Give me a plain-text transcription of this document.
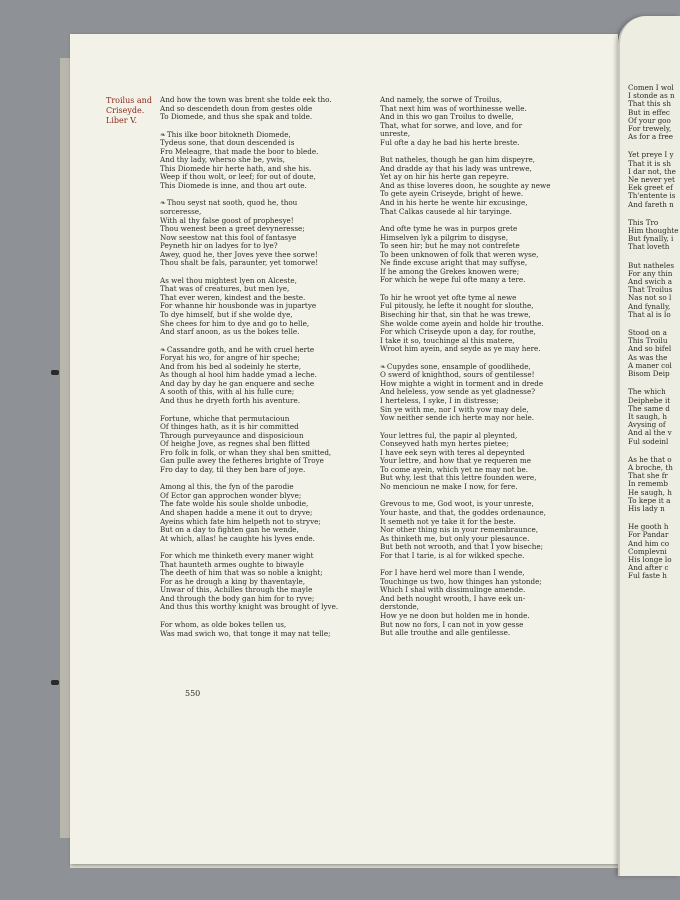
Troilus and
Criseyde.
Liber V.
And how the town was brent she tolde eek tho.
And so descendeth doun from gestes olde
To Diomede, and thus she spak and tolde.
❧This ilke boor bitokneth Diomede,
Tydeus sone, that doun descended is
Fro Meleagre, that made the boor to blede.
And thy lady, wherso she be, ywis,
This Diomede hir herte hath, and she his.
Weep if thou wolt, or leef; for out of doute,
This Diomede is inne, and thou art oute.
❧Thou seyst nat sooth, quod he, thou
sorceresse,
With al thy false goost of prophesye!
Thou wenest been a greet devyneresse;
Now seestow nat this fool of fantasye
Peyneth hir on ladyes for to lye?
Awey, quod he, ther Joves yeve thee sorwe!
Thou shalt be fals, paraunter, yet tomorwe!
As wel thou mightest lyen on Alceste,
That was of creatures, but men lye,
That ever weren, kindest and the beste.
For whanne hir housbonde was in jupartye
To dye himself, but if she wolde dye,
She chees for him to dye and go to helle,
And starf anoon, as us the bokes telle.
❧Cassandre goth, and he with cruel herte
Foryat his wo, for angre of hir speche;
And from his bed al sodeinly he sterte,
As though al hool him hadde ymad a leche.
And day by day he gan enquere and seche
A sooth of this, with al his fulle cure;
And thus he dryeth forth his aventure.
Fortune, whiche that permutacioun
Of thinges hath, as it is hir committed
Through purveyaunce and disposicioun
Of heighe Jove, as regnes shal ben flitted
Fro folk in folk, or whan they shal ben smitted,
Gan pulle awey the fetheres brighte of Troye
Fro day to day, til they ben bare of joye.
Among al this, the fyn of the parodie
Of Ector gan approchen wonder blyve;
The fate wolde his soule sholde unbodie,
And shapen hadde a mene it out to dryve;
Ayeins which fate him helpeth not to stryve;
But on a day to fighten gan he wende,
At which, allas! he caughte his lyves ende.
For which me thinketh every maner wight
That haunteth armes oughte to biwayle
The deeth of him that was so noble a knight;
For as he drough a king by thaventayle,
Unwar of this, Achilles through the mayle
And through the body gan him for to ryve;
And thus this worthy knight was brought of lyve.
For whom, as olde bokes tellen us,
Was mad swich wo, that tonge it may nat telle;
And namely, the sorwe of Troilus,
That next him was of worthinesse welle.
And in this wo gan Troilus to dwelle,
That, what for sorwe, and love, and for
unreste,
Ful ofte a day he bad his herte breste.
But natheles, though he gan him dispeyre,
And dradde ay that his lady was untrewe,
Yet ay on hir his herte gan repeyre.
And as thise loveres doon, he soughte ay newe
To gete ayein Criseyde, bright of hewe.
And in his herte he wente hir excusinge,
That Calkas causede al hir taryinge.
And ofte tyme he was in purpos grete
Himselven lyk a pilgrim to disgyse,
To seen hir; but he may not contrefete
To been unknowen of folk that weren wyse,
Ne finde excuse aright that may suffyse,
If he among the Grekes knowen were;
For which he wepe ful ofte many a tere.
To hir he wroot yet ofte tyme al newe
Ful pitously, he lefte it nought for slouthe,
Biseching hir that, sin that he was trewe,
She wolde come ayein and holde hir trouthe.
For which Criseyde upon a day, for routhe,
I take it so, touchinge al this matere,
Wroot him ayein, and seyde as ye may here.
❧Cupydes sone, ensample of goodlihede,
O swerd of knighthod, sours of gentilesse!
How mighte a wight in torment and in drede
And heleless, yow sende as yet gladnesse?
I herteless, I syke, I in distresse;
Sin ye with me, nor I with yow may dele,
Yow neither sende ich herte may nor hele.
Your lettres ful, the papir al pleynted,
Conseyved hath myn hertes pietee;
I have eek seyn with teres al depeynted
Your lettre, and how that ye requeren me
To come ayein, which yet ne may not be.
But why, lest that this lettre founden were,
No mencioun ne make I now, for fere.
Grevous to me, God woot, is your unreste,
Your haste, and that, the goddes ordenaunce,
It semeth not ye take it for the beste.
Nor other thing nis in your remembraunce,
As thinketh me, but only your plesaunce.
But beth not wrooth, and that I yow biseche;
For that I tarie, is al for wikked speche.
For I have herd wel more than I wende,
Touchinge us two, how thinges han ystonde;
Which I shal with dissimulinge amende.
And beth nought wrooth, I have eek un-
derstonde,
How ye ne doon but holden me in honde.
But now no fors, I can not in yow gesse
But alle trouthe and alle gentilesse.
550
Comen I wol
I stonde as n
That this sh
But in effec
Of your goo
For trewely,
As for a free
Yet preye I y
That it is sh
I dar not, the
Ne never yet
Eek greet ef
Th'entente is
And fareth n
This Tro
Him thoughte
But fynally, i
That loveth
But natheles
For any thin
And swich a
That Troilus
Nas not so l
And fynally,
That al is lo
Stood on a
This Troilu
And so bifel
As was the
A maner col
Bisom Deip
The which
Deiphebe it
The same d
It saugh, h
Avysing of
And al the v
Ful sodeinl
As he that o
A broche, th
That she fr
In rememb
He saugh, h
To kepe it a
His lady n
He gooth h
For Pandar
And him co
Complevni
His longe lo
And after c
Ful faste h
